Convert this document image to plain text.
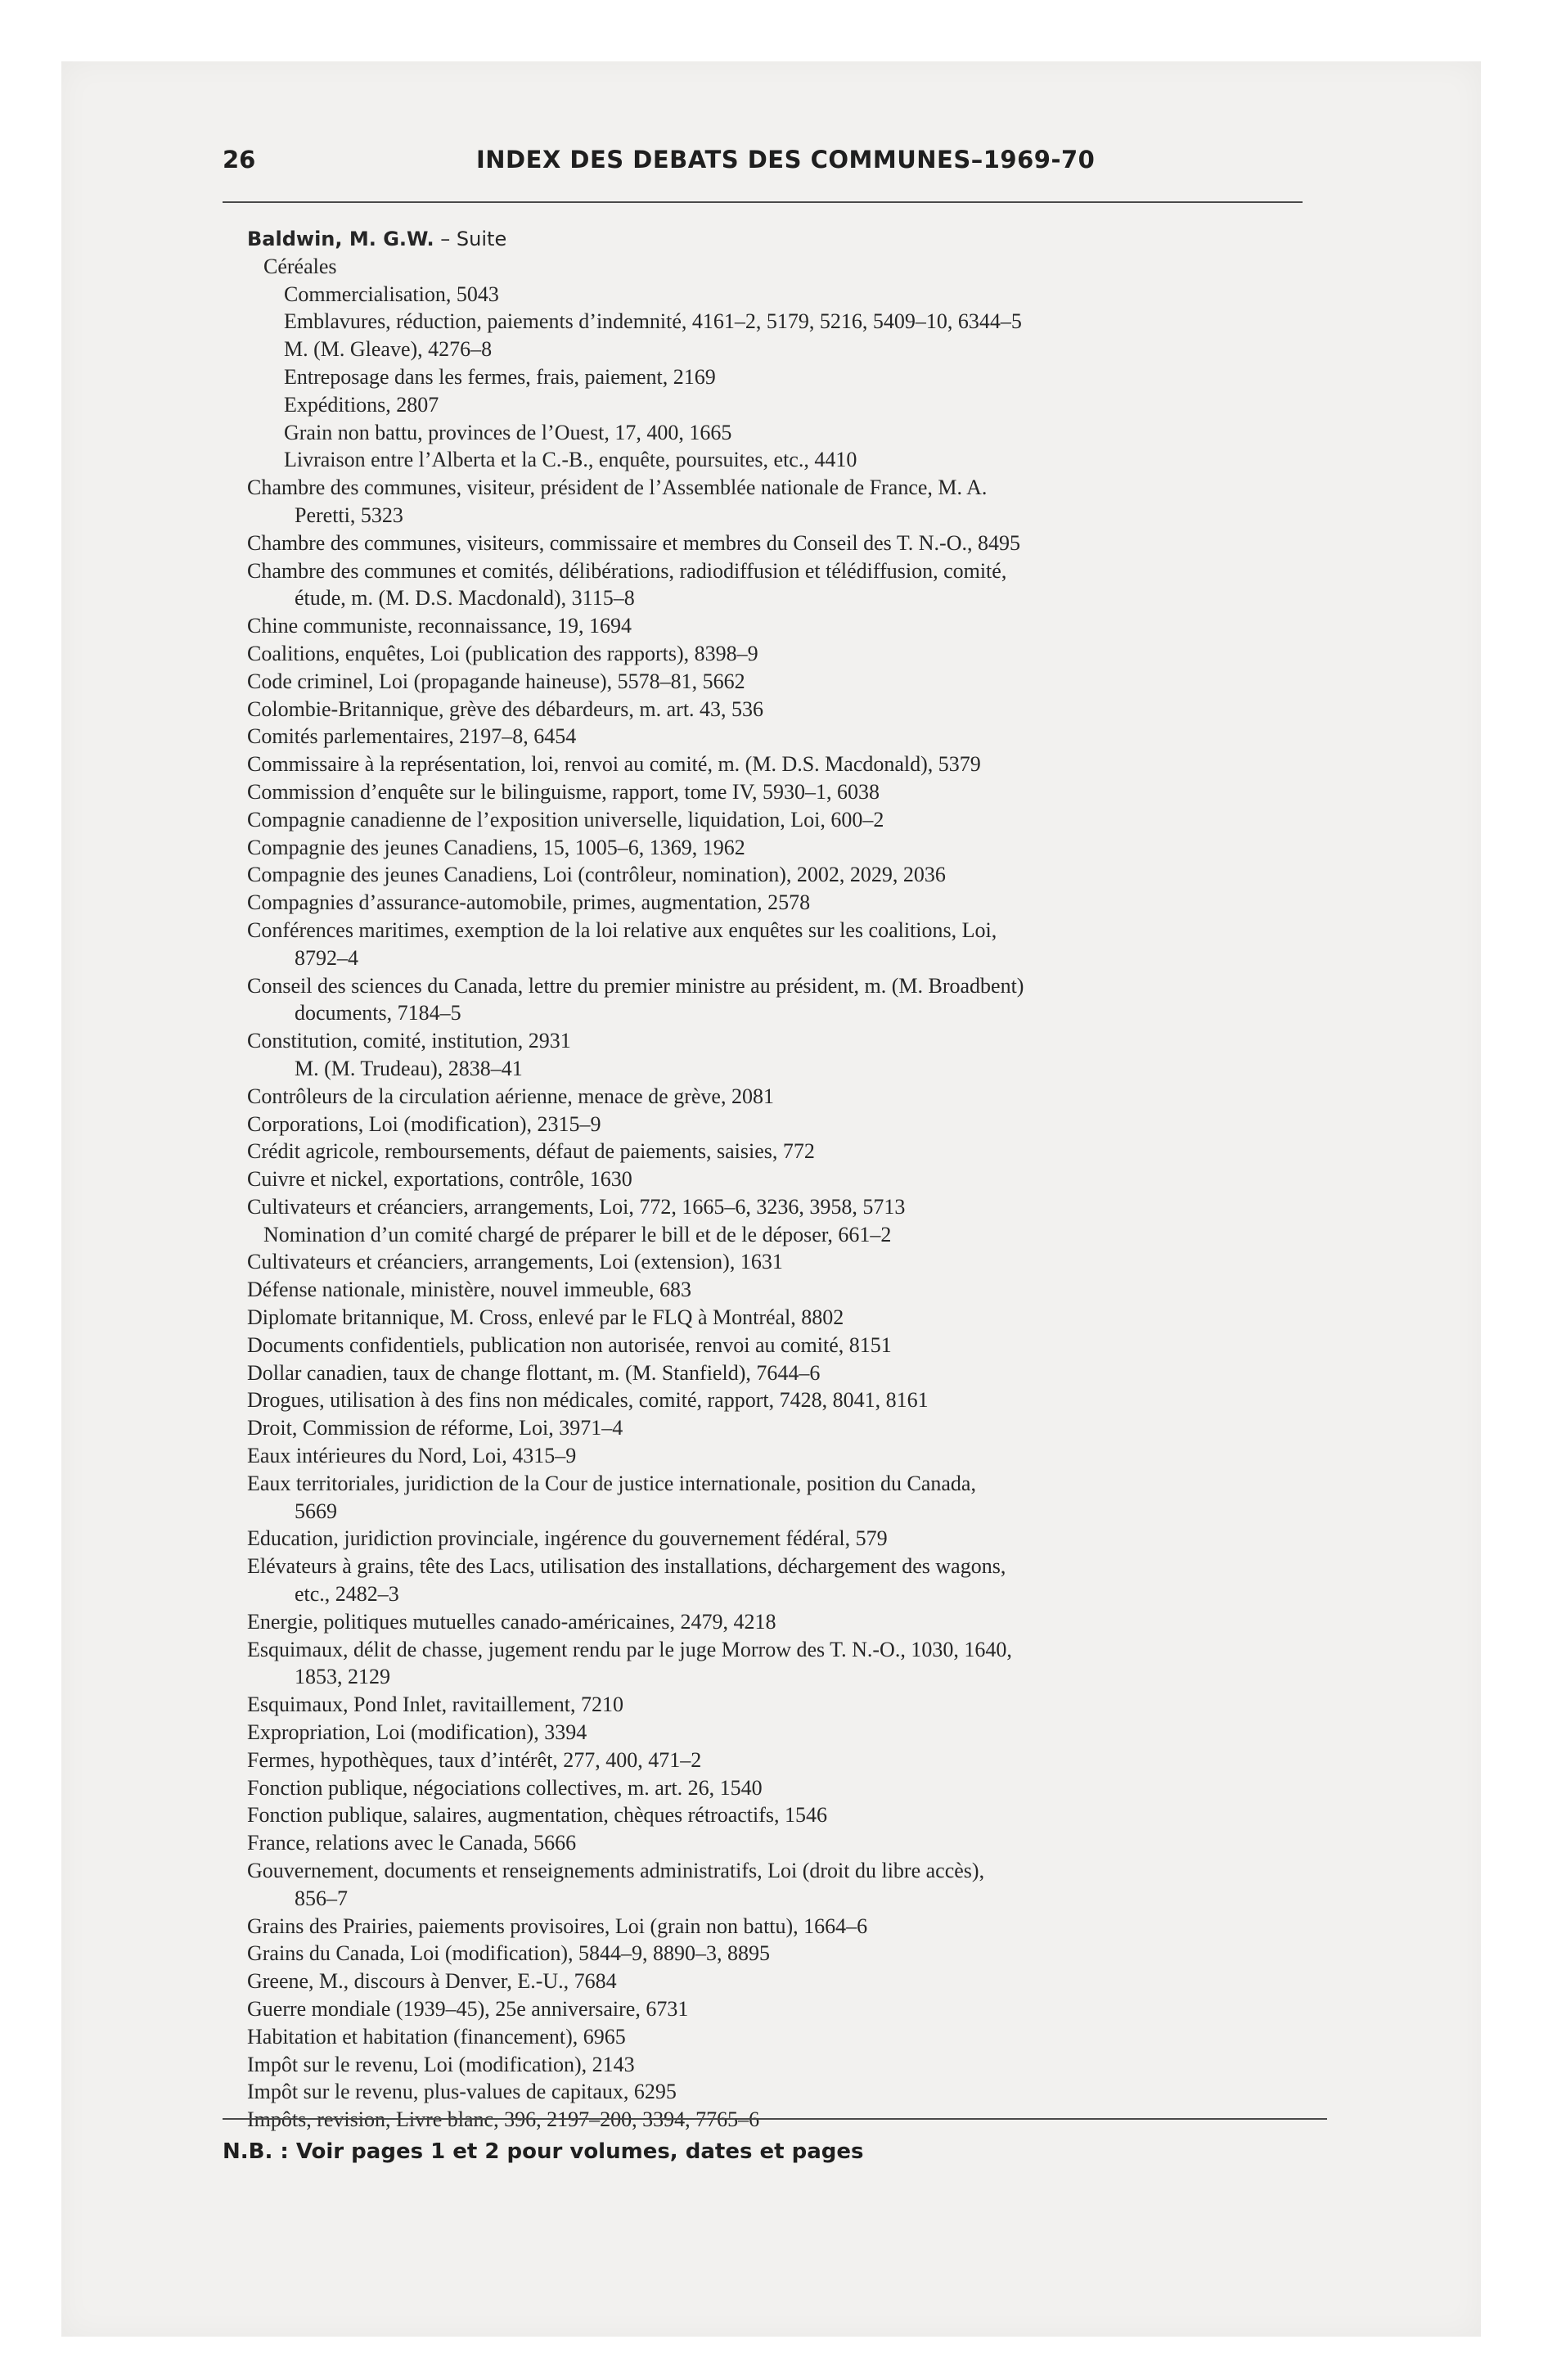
26	INDEX DES DEBATS DES COMMUNES–1969-70
Baldwin, M. G.W. – Suite
Céréales
Commercialisation, 5043
Emblavures, réduction, paiements d’indemnité, 4161–2, 5179, 5216, 5409–10, 6344–5
M. (M. Gleave), 4276–8
Entreposage dans les fermes, frais, paiement, 2169
Expéditions, 2807
Grain non battu, provinces de l’Ouest, 17, 400, 1665
Livraison entre l’Alberta et la C.-B., enquête, poursuites, etc., 4410
Chambre des communes, visiteur, président de l’Assemblée nationale de France, M. A.
Peretti, 5323
Chambre des communes, visiteurs, commissaire et membres du Conseil des T. N.-O., 8495
Chambre des communes et comités, délibérations, radiodiffusion et télédiffusion, comité,
étude, m. (M. D.S. Macdonald), 3115–8
Chine communiste, reconnaissance, 19, 1694
Coalitions, enquêtes, Loi (publication des rapports), 8398–9
Code criminel, Loi (propagande haineuse), 5578–81, 5662
Colombie-Britannique, grève des débardeurs, m. art. 43, 536
Comités parlementaires, 2197–8, 6454
Commissaire à la représentation, loi, renvoi au comité, m. (M. D.S. Macdonald), 5379
Commission d’enquête sur le bilinguisme, rapport, tome IV, 5930–1, 6038
Compagnie canadienne de l’exposition universelle, liquidation, Loi, 600–2
Compagnie des jeunes Canadiens, 15, 1005–6, 1369, 1962
Compagnie des jeunes Canadiens, Loi (contrôleur, nomination), 2002, 2029, 2036
Compagnies d’assurance-automobile, primes, augmentation, 2578
Conférences maritimes, exemption de la loi relative aux enquêtes sur les coalitions, Loi,
8792–4
Conseil des sciences du Canada, lettre du premier ministre au président, m. (M. Broadbent)
documents, 7184–5
Constitution, comité, institution, 2931
M. (M. Trudeau), 2838–41
Contrôleurs de la circulation aérienne, menace de grève, 2081
Corporations, Loi (modification), 2315–9
Crédit agricole, remboursements, défaut de paiements, saisies, 772
Cuivre et nickel, exportations, contrôle, 1630
Cultivateurs et créanciers, arrangements, Loi, 772, 1665–6, 3236, 3958, 5713
Nomination d’un comité chargé de préparer le bill et de le déposer, 661–2
Cultivateurs et créanciers, arrangements, Loi (extension), 1631
Défense nationale, ministère, nouvel immeuble, 683
Diplomate britannique, M. Cross, enlevé par le FLQ à Montréal, 8802
Documents confidentiels, publication non autorisée, renvoi au comité, 8151
Dollar canadien, taux de change flottant, m. (M. Stanfield), 7644–6
Drogues, utilisation à des fins non médicales, comité, rapport, 7428, 8041, 8161
Droit, Commission de réforme, Loi, 3971–4
Eaux intérieures du Nord, Loi, 4315–9
Eaux territoriales, juridiction de la Cour de justice internationale, position du Canada,
5669
Education, juridiction provinciale, ingérence du gouvernement fédéral, 579
Elévateurs à grains, tête des Lacs, utilisation des installations, déchargement des wagons,
etc., 2482–3
Energie, politiques mutuelles canado-américaines, 2479, 4218
Esquimaux, délit de chasse, jugement rendu par le juge Morrow des T. N.-O., 1030, 1640,
1853, 2129
Esquimaux, Pond Inlet, ravitaillement, 7210
Expropriation, Loi (modification), 3394
Fermes, hypothèques, taux d’intérêt, 277, 400, 471–2
Fonction publique, négociations collectives, m. art. 26, 1540
Fonction publique, salaires, augmentation, chèques rétroactifs, 1546
France, relations avec le Canada, 5666
Gouvernement, documents et renseignements administratifs, Loi (droit du libre accès),
856–7
Grains des Prairies, paiements provisoires, Loi (grain non battu), 1664–6
Grains du Canada, Loi (modification), 5844–9, 8890–3, 8895
Greene, M., discours à Denver, E.-U., 7684
Guerre mondiale (1939–45), 25e anniversaire, 6731
Habitation et habitation (financement), 6965
Impôt sur le revenu, Loi (modification), 2143
Impôt sur le revenu, plus-values de capitaux, 6295
Impôts, revision, Livre blanc, 396, 2197–200, 3394, 7765–6
N.B. : Voir pages 1 et 2 pour volumes, dates et pages
